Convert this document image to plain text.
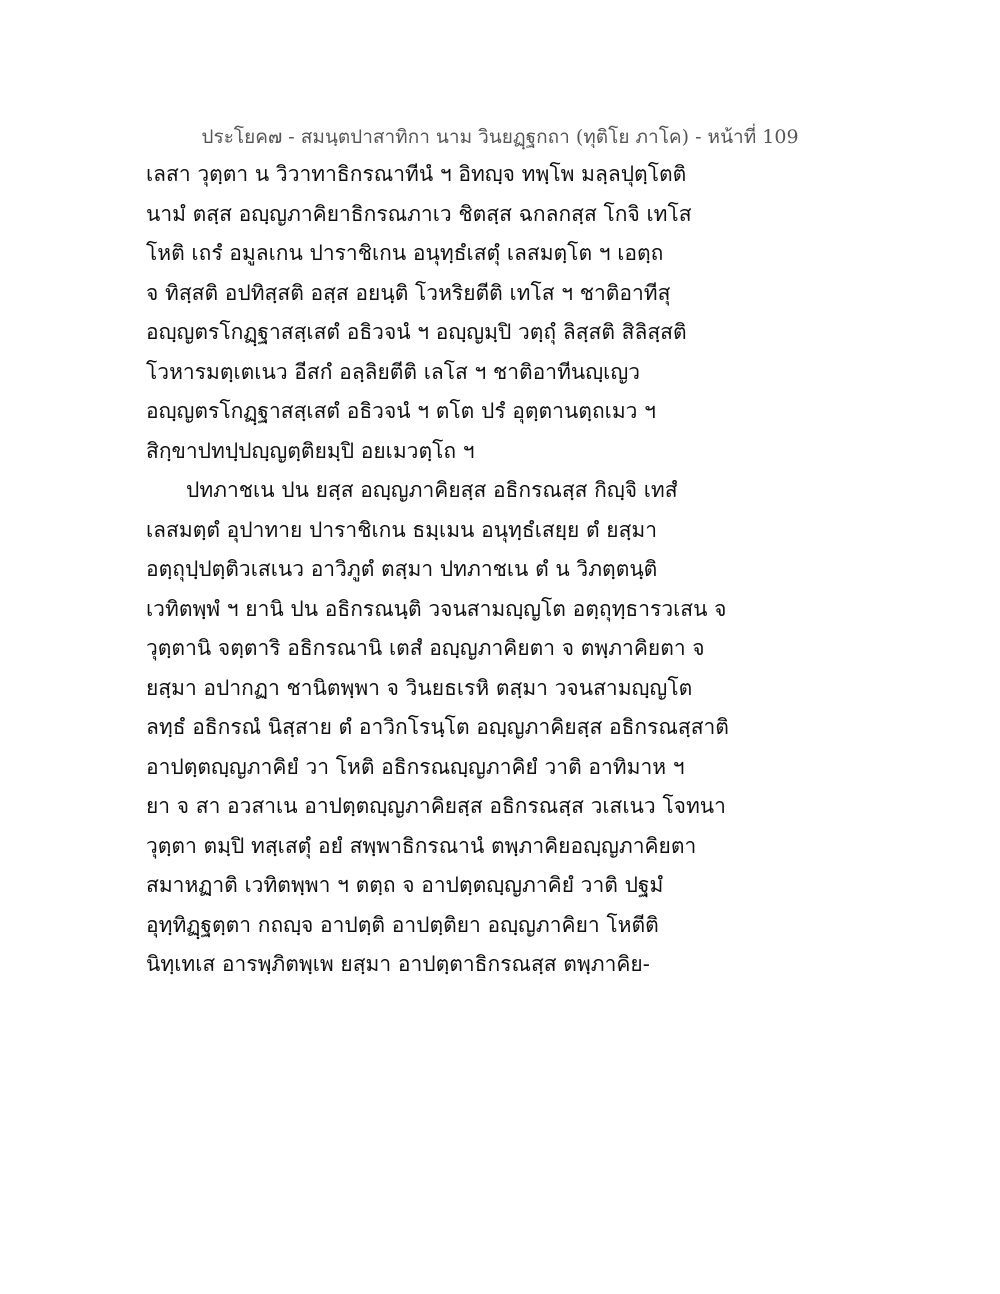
ประโยค๗ - สมนฺตปาสาทิกา นาม วินยฏฺฐกถา (ทุติโย ภาโค) - หน้าที่ 109
เลสา วุตฺตา น วิวาทาธิกรณาทีนํ ฯ อิทญฺจ ทพฺโพ มลฺลปุตฺโตติ
นามํ ตสฺส อญฺญภาคิยาธิกรณภาเว ชิตสฺส ฉกลกสฺส โกจิ เทโส
โหติ เถรํ อมูลเกน ปาราชิเกน อนุทฺธํเสตุํ เลสมตฺโต ฯ เอตฺถ
จ ทิสฺสติ อปทิสฺสติ อสฺส อยนฺติ โวหริยตีติ เทโส ฯ ชาติอาทีสุ
อญฺญตรโกฏฺฐาสสฺเสตํ อธิวจนํ ฯ อญฺญมฺปิ วตฺถุํ ลิสฺสติ สิลิสฺสติ
โวหารมตฺเตเนว อีสกํ อลฺลิยตีติ เลโส ฯ ชาติอาทีนญฺเญว
อญฺญตรโกฏฺฐาสสฺเสตํ อธิวจนํ ฯ ตโต ปรํ อุตฺตานตฺถเมว ฯ
สิกฺขาปทปฺปญฺญตฺติยมฺปิ อยเมวตฺโถ ฯ
ปทภาชเน ปน ยสฺส อญฺญภาคิยสฺส อธิกรณสฺส กิญฺจิ เทสํ
เลสมตฺตํ อุปาทาย ปาราชิเกน ธมฺเมน อนุทฺธํเสยฺย ตํ ยสฺมา
อตฺถุปฺปตฺติวเสเนว อาวิภูตํ ตสฺมา ปทภาชเน ตํ น วิภตฺตนฺติ
เวทิตพฺพํ ฯ ยานิ ปน อธิกรณนฺติ วจนสามญฺญโต อตฺถุทฺธารวเสน จ
วุตฺตานิ จตฺตาริ อธิกรณานิ เตสํ อญฺญภาคิยตา จ ตพฺภาคิยตา จ
ยสฺมา อปากฏา ชานิตพฺพา จ วินยธเรหิ ตสฺมา วจนสามญฺญโต
ลทฺธํ อธิกรณํ นิสฺสาย ตํ อาวิกโรนฺโต อญฺญภาคิยสฺส อธิกรณสฺสาติ
อาปตฺตญฺญภาคิยํ วา โหติ อธิกรณญฺญภาคิยํ วาติ อาทิมาห ฯ
ยา จ สา อวสาเน อาปตฺตญฺญภาคิยสฺส อธิกรณสฺส วเสเนว โจทนา
วุตฺตา ตมฺปิ ทสฺเสตุํ อยํ สพฺพาธิกรณานํ ตพฺภาคิยอญฺญภาคิยตา
สมาหฏาติ เวทิตพฺพา ฯ ตตฺถ จ อาปตฺตญฺญภาคิยํ วาติ ปฐมํ
อุทฺทิฏฺฐตฺตา กถญฺจ อาปตฺติ อาปตฺติยา อญฺญภาคิยา โหตีติ
นิทฺเทเส อารพฺภิตพฺเพ ยสฺมา อาปตฺตาธิกรณสฺส ตพฺภาคิย-
